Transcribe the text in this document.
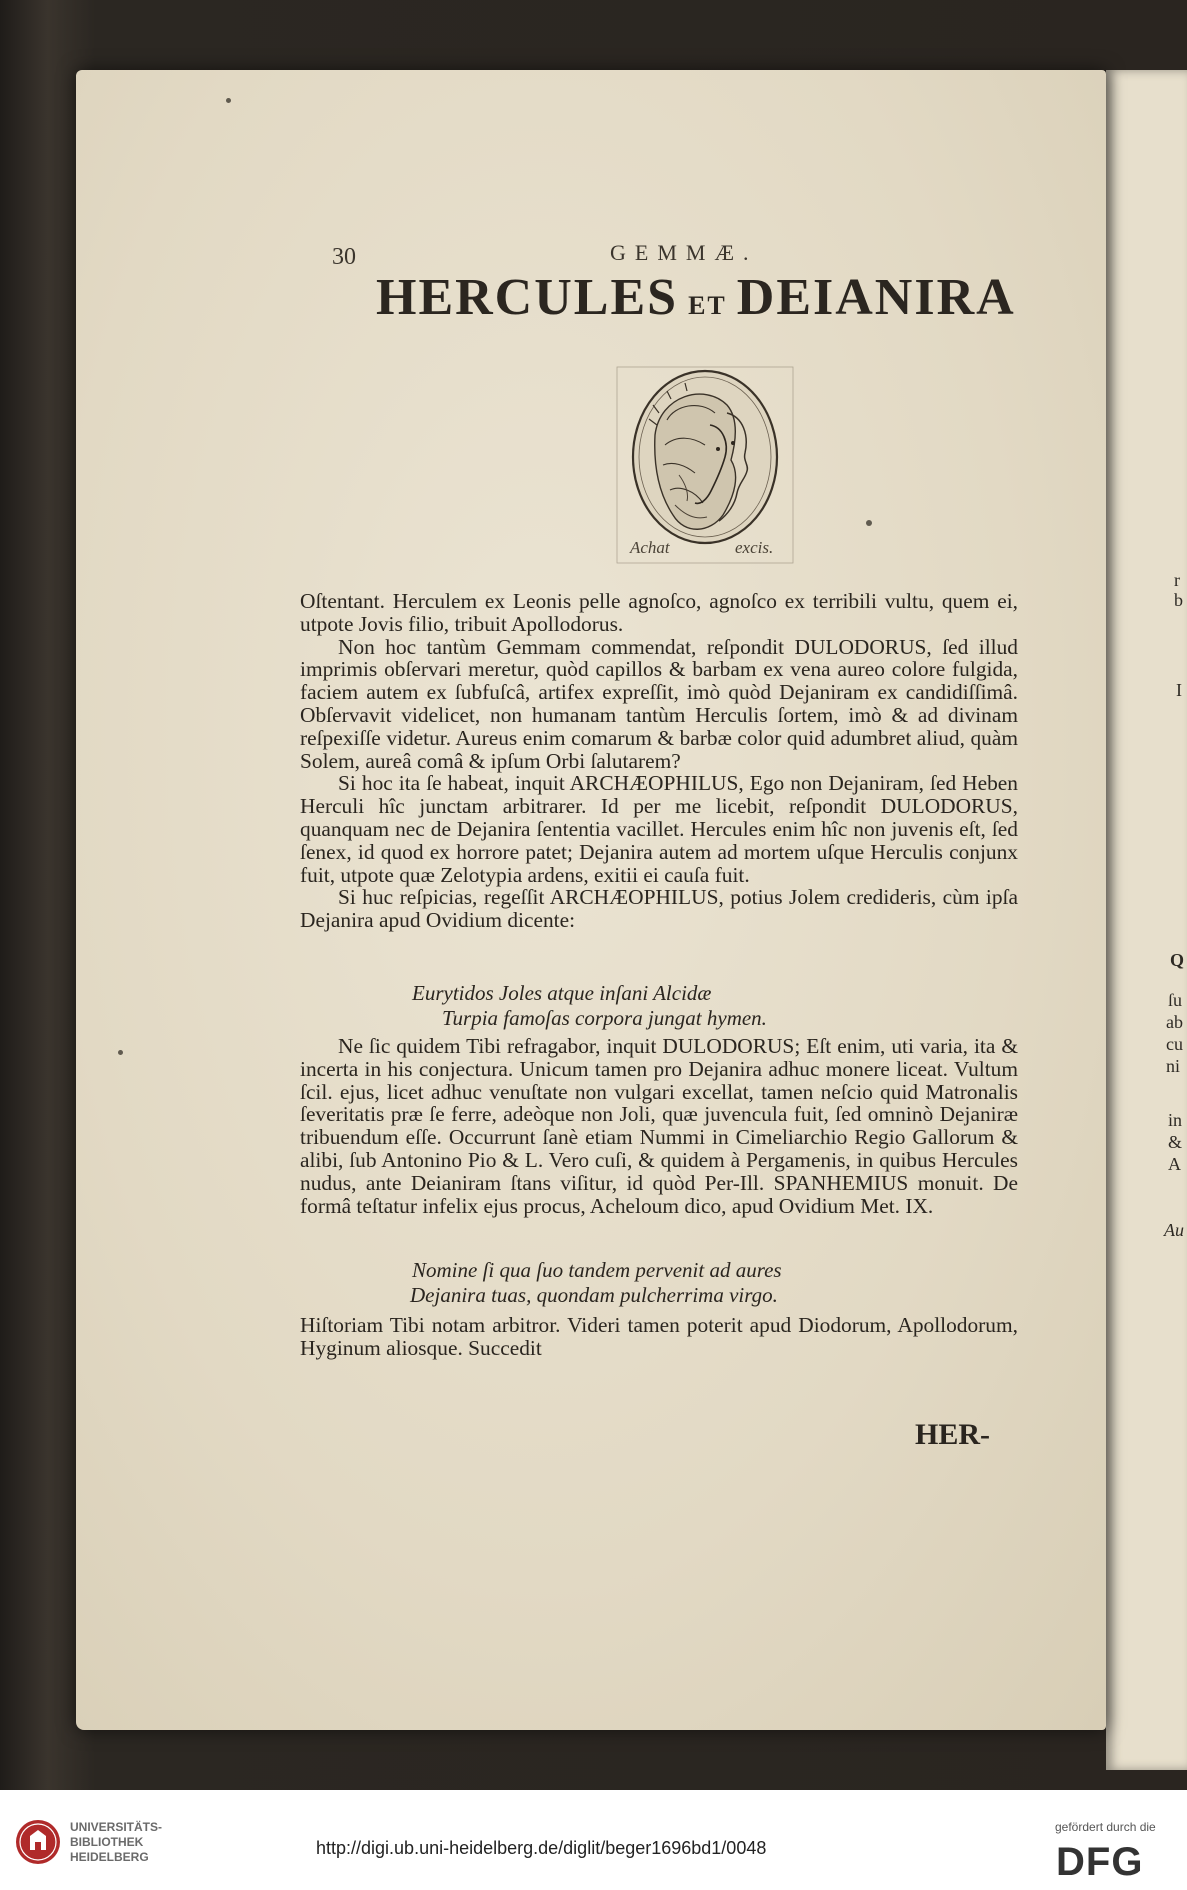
r
b
I
Q
ſu
ab
cu
ni
in
&
A
Au
30	GEMMÆ.
HERCULES ET DEIANIRA
Achat	excis.

Oſtentant. Herculem ex Leonis pelle agnoſco, agnoſco ex terribili vultu, quem ei, utpote Jovis filio, tribuit Apollodorus.

Non hoc tantùm Gemmam commendat, reſpondit DULODORUS, ſed illud imprimis obſervari meretur, quòd capillos & barbam ex vena aureo colore fulgida, faciem autem ex ſubfuſcâ, artifex expreſſit, imò quòd Dejaniram ex candidiſſimâ. Obſervavit videlicet, non humanam tantùm Herculis ſortem, imò & ad divinam reſpexiſſe videtur. Aureus enim comarum & barbæ color quid adumbret aliud, quàm Solem, aureâ comâ & ipſum Orbi ſalutarem?

Si hoc ita ſe habeat, inquit ARCHÆOPHILUS, Ego non Dejaniram, ſed Heben Herculi hîc junctam arbitrarer. Id per me licebit, reſpondit DULODORUS, quanquam nec de Dejanira ſententia vacillet. Hercules enim hîc non juvenis eſt, ſed ſenex, id quod ex horrore patet; Dejanira autem ad mortem uſque Herculis conjunx fuit, utpote quæ Zelotypia ardens, exitii ei cauſa fuit.

Si huc reſpicias, regeſſit ARCHÆOPHILUS, potius Jolem credideris, cùm ipſa Dejanira apud Ovidium dicente:

Eurytidos Joles atque inſani Alcidæ
Turpia famoſas corpora jungat hymen.

Ne ſic quidem Tibi refragabor, inquit DULODORUS; Eſt enim, uti varia, ita & incerta in his conjectura. Unicum tamen pro Dejanira adhuc monere liceat. Vultum ſcil. ejus, licet adhuc venuſtate non vulgari excellat, tamen neſcio quid Matronalis ſeveritatis præ ſe ferre, adeòque non Joli, quæ juvencula fuit, ſed omninò Dejaniræ tribuendum eſſe. Occurrunt ſanè etiam Nummi in Cimeliarchio Regio Gallorum & alibi, ſub Antonino Pio & L. Vero cuſi, & quidem à Pergamenis, in quibus Hercules nudus, ante Deianiram ſtans viſitur, id quòd Per-Ill. SPANHEMIUS monuit. De formâ teſtatur infelix ejus procus, Acheloum dico, apud Ovidium Met. IX.

Nomine ſi qua ſuo tandem pervenit ad aures
Dejanira tuas, quondam pulcherrima virgo.

Hiſtoriam Tibi notam arbitror. Videri tamen poterit apud Diodorum, Apollodorum, Hyginum aliosque. Succedit

HER-
UNIVERSITÄTS-
BIBLIOTHEK
HEIDELBERG	http://digi.ub.uni-heidelberg.de/diglit/beger1696bd1/0048
gefördert durch die
DFG
